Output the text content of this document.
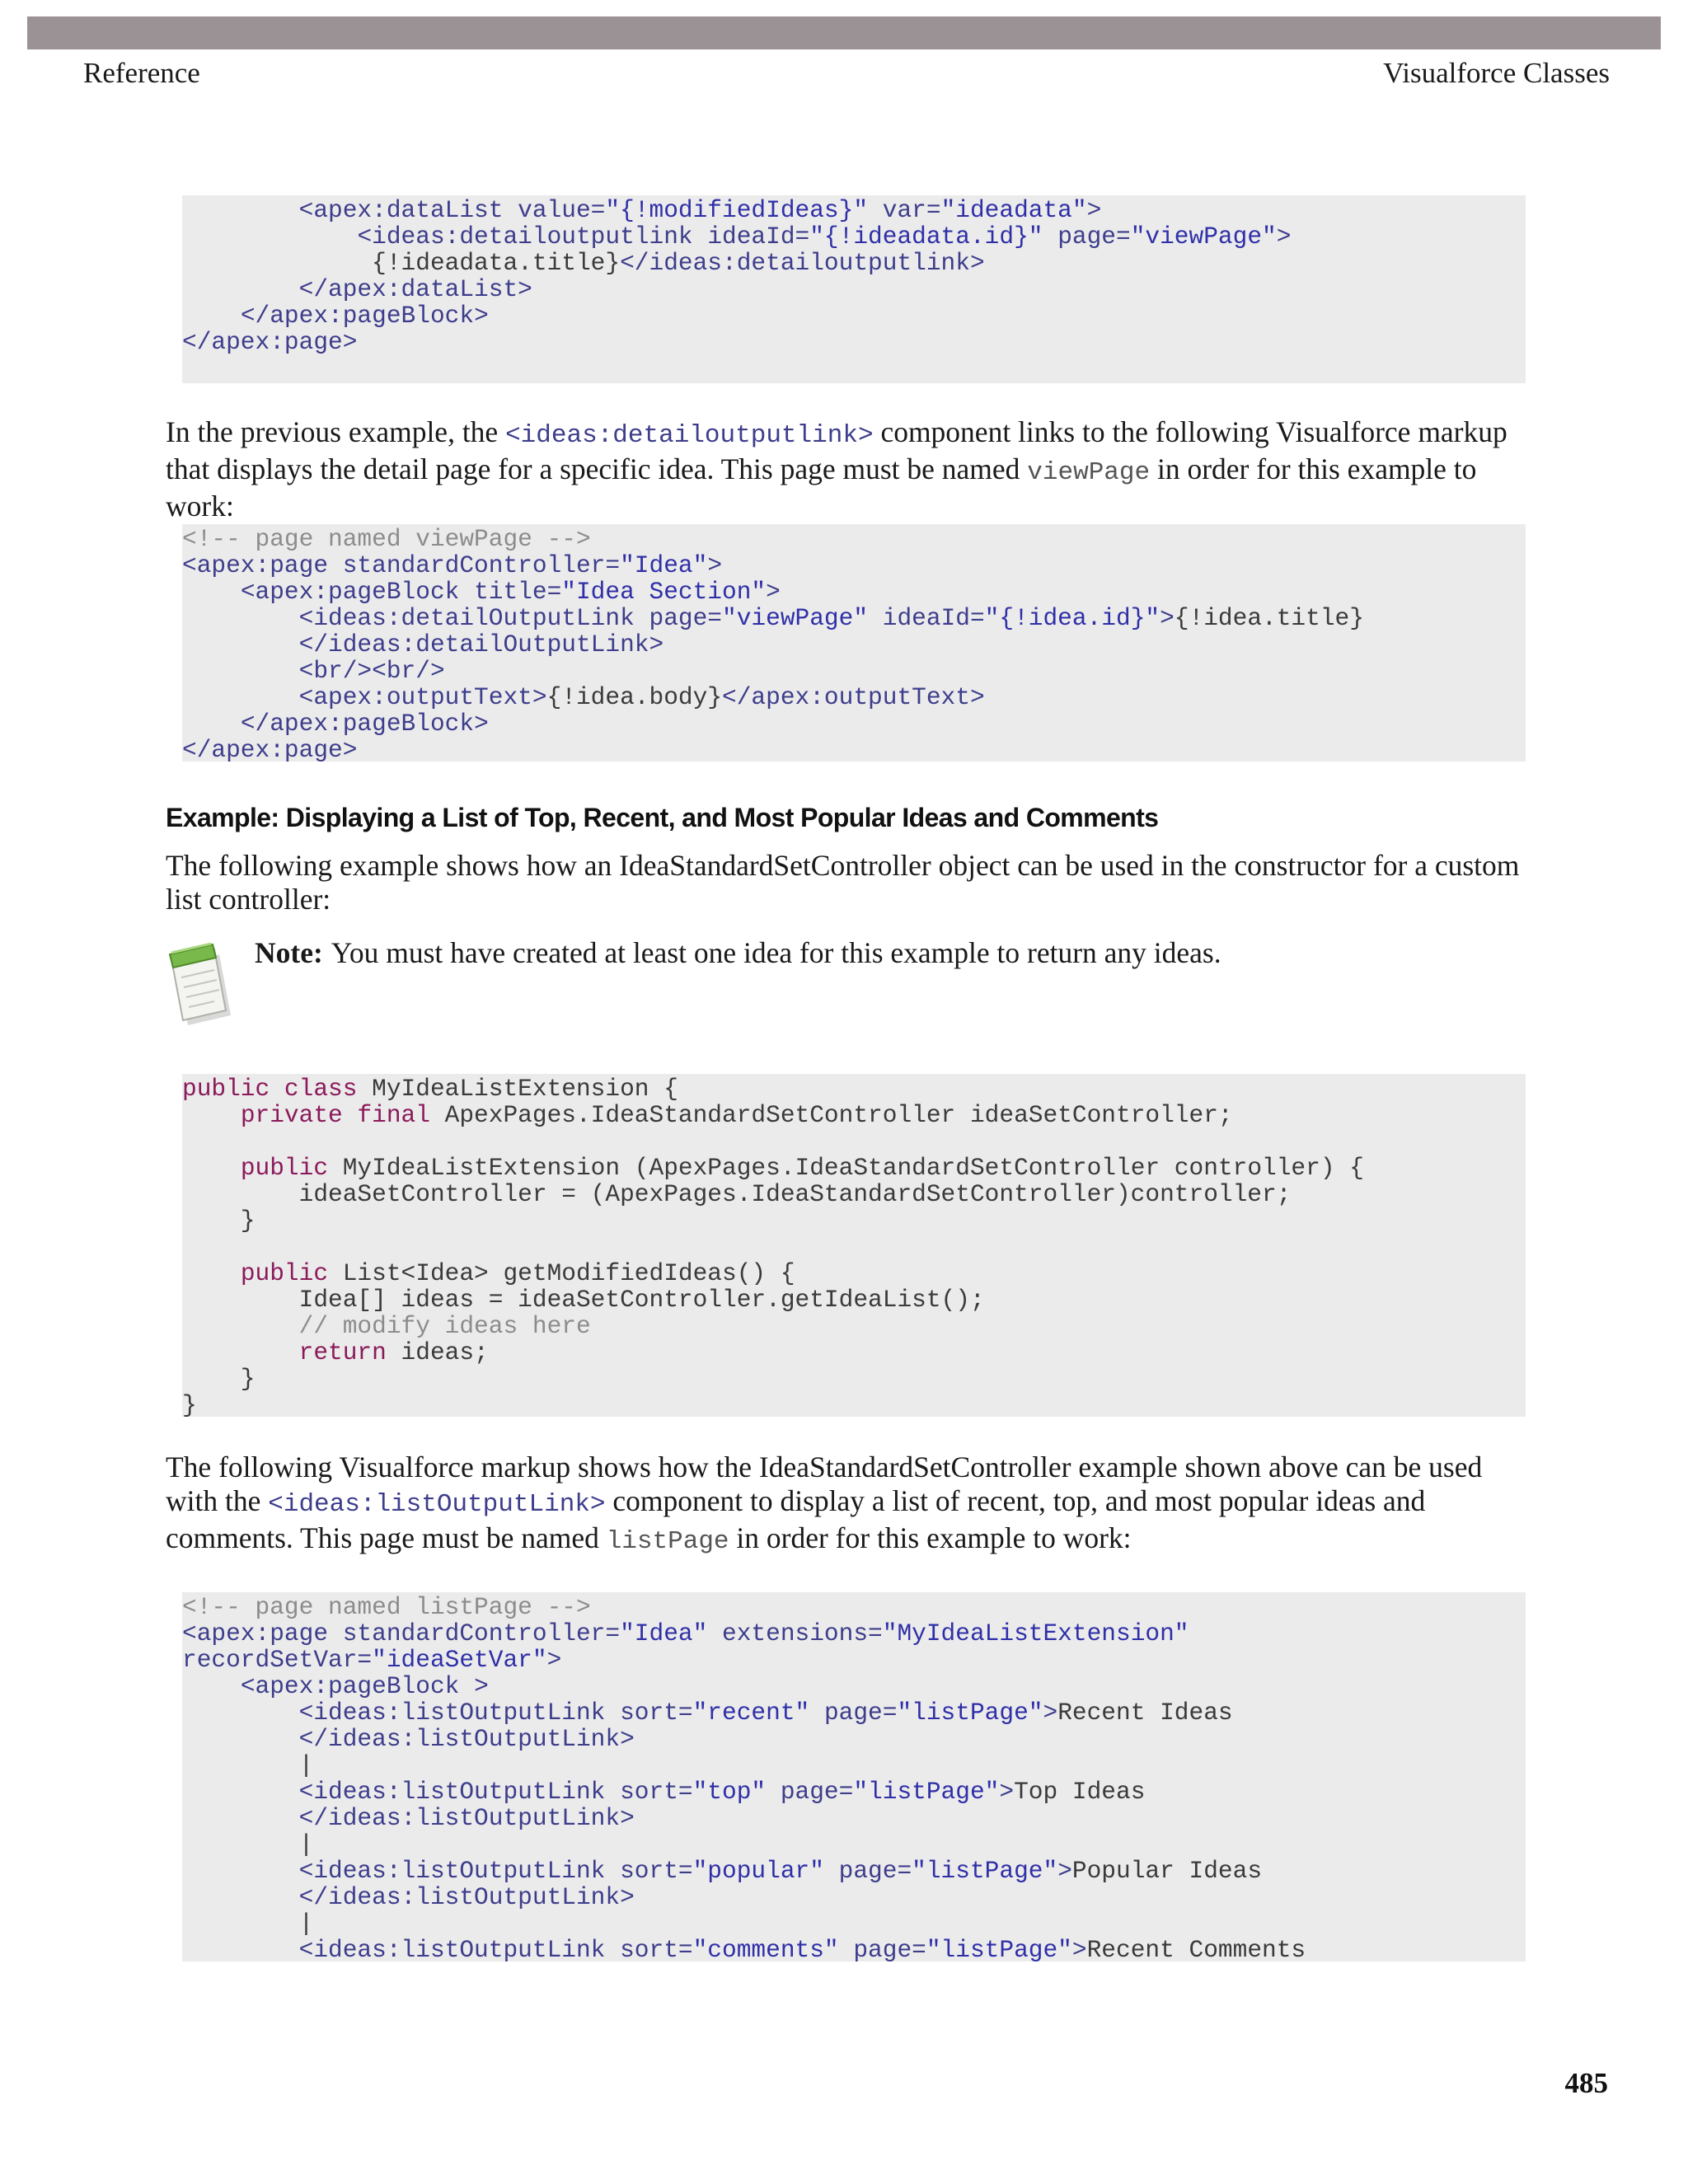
Reference	Visualforce Classes
<apex:dataList value="{!modifiedIdeas}" var="ideadata">
<ideas:detailoutputlink ideaId="{!ideadata.id}" page="viewPage">
{!ideadata.title}</ideas:detailoutputlink>
</apex:dataList>
</apex:pageBlock>
</apex:page>

In the previous example, the <ideas:detailoutputlink> component links to the following Visualforce markup that displays the detail page for a specific idea. This page must be named viewPage in order for this example to work:

<!-- page named viewPage -->
<apex:page standardController="Idea">
<apex:pageBlock title="Idea Section">
<ideas:detailOutputLink page="viewPage" ideaId="{!idea.id}">{!idea.title}
</ideas:detailOutputLink>
<br/><br/>
<apex:outputText>{!idea.body}</apex:outputText>
</apex:pageBlock>
</apex:page>
Example: Displaying a List of Top, Recent, and Most Popular Ideas and Comments

The following example shows how an IdeaStandardSetController object can be used in the constructor for a custom list controller:

Note: You must have created at least one idea for this example to return any ideas.

public class MyIdeaListExtension {
private final ApexPages.IdeaStandardSetController ideaSetController;

public MyIdeaListExtension (ApexPages.IdeaStandardSetController controller) {
ideaSetController = (ApexPages.IdeaStandardSetController)controller;
}

public List<Idea> getModifiedIdeas() {
Idea[] ideas = ideaSetController.getIdeaList();
// modify ideas here
return ideas;
}
}

The following Visualforce markup shows how the IdeaStandardSetController example shown above can be used with the <ideas:listOutputLink> component to display a list of recent, top, and most popular ideas and comments. This page must be named listPage in order for this example to work:

<!-- page named listPage -->
<apex:page standardController="Idea" extensions="MyIdeaListExtension"
recordSetVar="ideaSetVar">
<apex:pageBlock >
<ideas:listOutputLink sort="recent" page="listPage">Recent Ideas
</ideas:listOutputLink>
|
<ideas:listOutputLink sort="top" page="listPage">Top Ideas
</ideas:listOutputLink>
|
<ideas:listOutputLink sort="popular" page="listPage">Popular Ideas
</ideas:listOutputLink>
|
<ideas:listOutputLink sort="comments" page="listPage">Recent Comments
485
